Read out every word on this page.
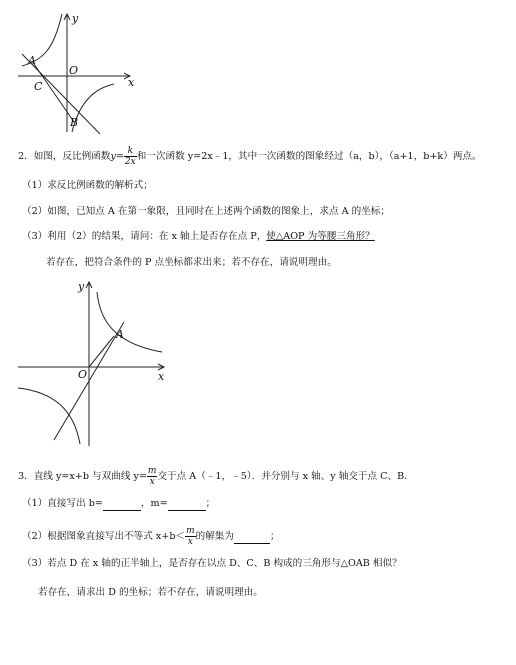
y
x
A
O
C
B
2．如图，反比例函数$y= \frac{k}{2x}$ 和一次函数 y=2x﹣1，其中一次函数的图象经过（a，b），（a+1，b+k）两点。
（1）求反比例函数的解析式；
（2）如图，已知点 A 在第一象限，且同时在上述两个函数的图象上，求点 A 的坐标；
（3）利用（2）的结果，请问：在 x 轴上是否存在点 P，使△AOP 为等腰三角形？
若存在，把符合条件的 P 点坐标都求出来；若不存在，请说明理由。
y
x
A
O
3．直线 y=x+b 与双曲线 $y= \frac{m}{x}$ 交于点 A（﹣1，﹣5）．并分别与 x 轴、y 轴交于点 C、B．
（1）直接写出 b=	，m=	；
（2）根据图象直接写出不等式 $x+b< \frac{m}{x}$ 的解集为	；
（3）若点 D 在 x 轴的正半轴上，是否存在以点 D、C、B 构成的三角形与△OAB 相似？
若存在，请求出 D 的坐标；若不存在，请说明理由。
